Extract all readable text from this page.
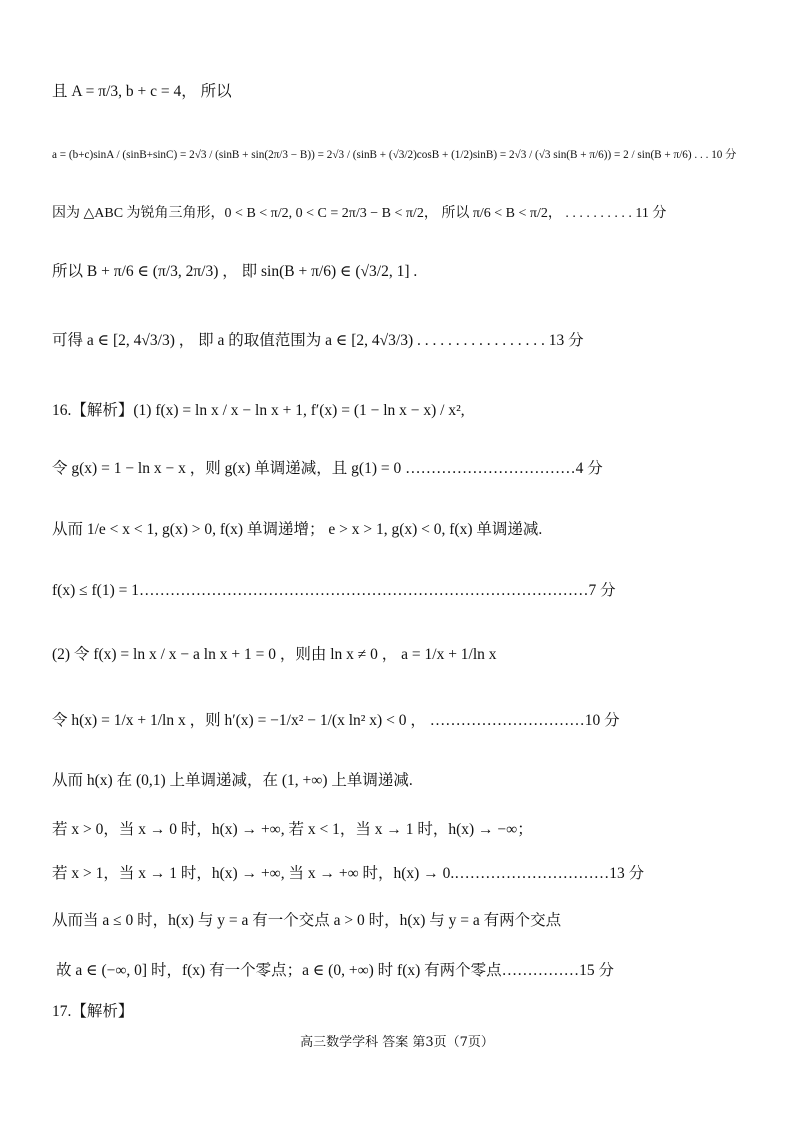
且 A = π/3, b + c = 4， 所以
a = (b+c)sinA / (sinB+sinC) = 2√3 / (sinB + sin(2π/3 − B)) = 2√3 / (sinB + (√3/2)cosB + (1/2)sinB) = 2√3 / (√3 sin(B + π/6)) = 2 / sin(B + π/6) . . . 10 分
因为 △ABC 为锐角三角形，0 < B < π/2, 0 < C = 2π/3 − B < π/2， 所以 π/6 < B < π/2， . . . . . . . . . . 11 分
所以 B + π/6 ∈ (π/3, 2π/3) ， 即 sin(B + π/6) ∈ (√3/2, 1] .
可得 a ∈ [2, 4√3/3) ， 即 a 的取值范围为 a ∈ [2, 4√3/3) . . . . . . . . . . . . . . . . . 13 分
16.【解析】(1) f(x) = ln x / x − ln x + 1, f′(x) = (1 − ln x − x) / x²,
令 g(x) = 1 − ln x − x ，则 g(x) 单调递减，且 g(1) = 0 ……………………………4 分
从而 1/e < x < 1, g(x) > 0, f(x) 单调递增； e > x > 1, g(x) < 0, f(x) 单调递减.
f(x) ≤ f(1) = 1……………………………………………………………………………7 分
(2) 令 f(x) = ln x / x − a ln x + 1 = 0 ，则由 ln x ≠ 0 ， a = 1/x + 1/ln x
令 h(x) = 1/x + 1/ln x ，则 h′(x) = −1/x² − 1/(x ln² x) < 0 ， …………………………10 分
从而 h(x) 在 (0,1) 上单调递减，在 (1, +∞) 上单调递减.
若 x > 0，当 x → 0 时，h(x) → +∞, 若 x < 1，当 x → 1 时，h(x) → −∞；
若 x > 1，当 x → 1 时，h(x) → +∞, 当 x → +∞ 时，h(x) → 0.…………………………13 分
从而当 a ≤ 0 时，h(x) 与 y = a 有一个交点 a > 0 时，h(x) 与 y = a 有两个交点
故 a ∈ (−∞, 0] 时，f(x) 有一个零点；a ∈ (0, +∞) 时 f(x) 有两个零点……………15 分
17.【解析】
高三数学学科 答案 第3页（7页）
